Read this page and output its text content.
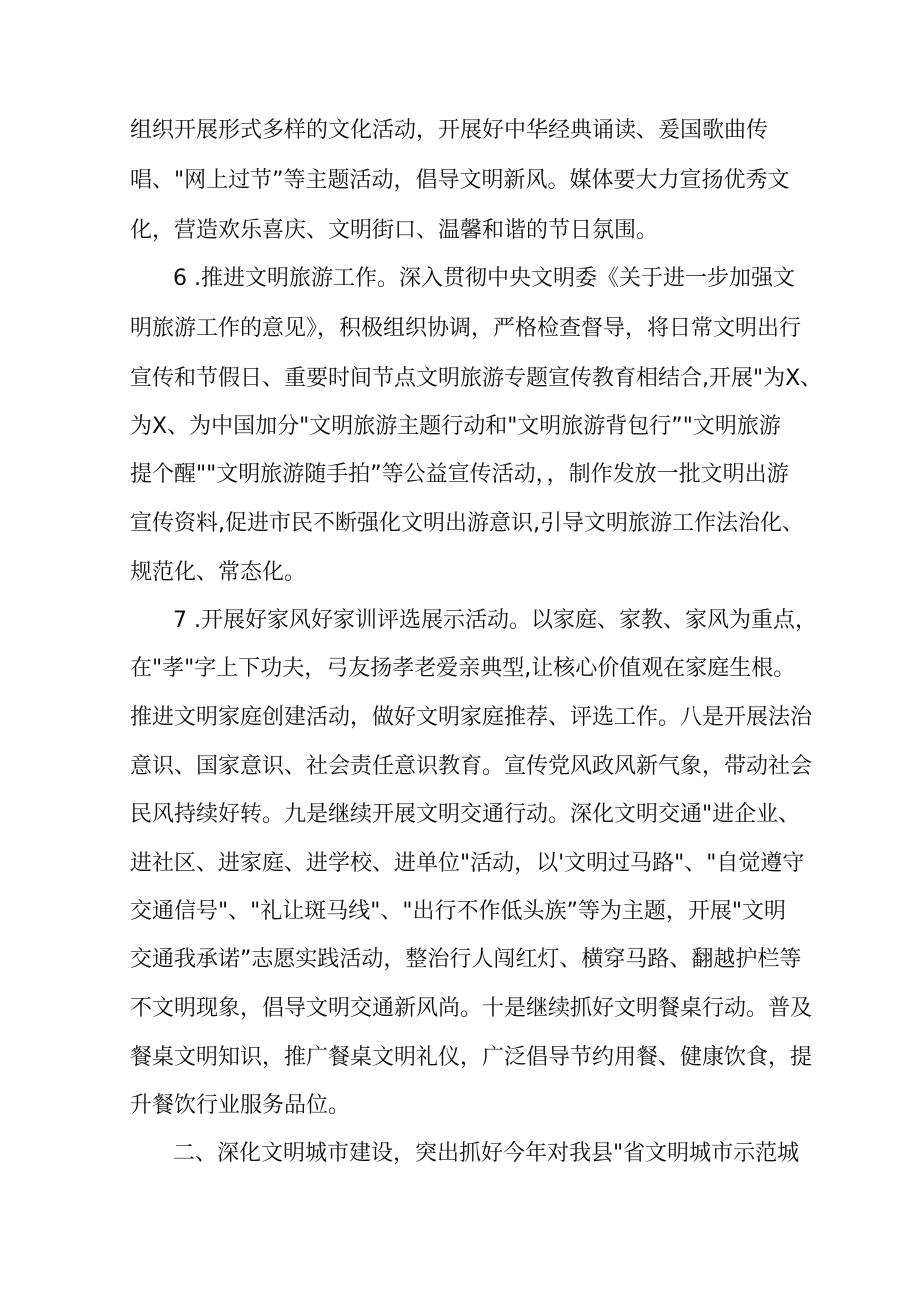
组织开展形式多样的文化活动，开展好中华经典诵读、爰国歌曲传
唱、"网上过节”等主题活动，倡导文明新风。媒体要大力宣扬优秀文
化，营造欢乐喜庆、文明街口、温馨和谐的节日氛围。
6 .推进文明旅游工作。深入贯彻中央文明委《关于进一步加强文
明旅游工作的意见》，积极组织协调，严格检查督导，将日常文明出行
宣传和节假日、重要时间节点文明旅游专题宣传教育相结合,开展"为X、
为X、为中国加分"文明旅游主题行动和"文明旅游背包行”"文明旅游
提个醒""文明旅游随手拍”等公益宣传活动，，制作发放一批文明出游
宣传资料,促进市民不断强化文明出游意识,引导文明旅游工作法治化、
规范化、常态化。
7 .开展好家风好家训评选展示活动。以家庭、家教、家风为重点，
在"孝"字上下功夫，弓友扬孝老爱亲典型,让核心价值观在家庭生根。
推进文明家庭创建活动，做好文明家庭推荐、评选工作。八是开展法治
意识、国家意识、社会责任意识教育。宣传党风政风新气象，带动社会
民风持续好转。九是继续开展文明交通行动。深化文明交通"进企业、
进社区、进家庭、进学校、进单位"活动，以'文明过马路"、"自觉遵守
交通信号"、"礼让斑马线"、"出行不作低头族”等为主题，开展"文明
交通我承诺”志愿实践活动，整治行人闯红灯、横穿马路、翻越护栏等
不文明现象，倡导文明交通新风尚。十是继续抓好文明餐桌行动。普及
餐桌文明知识，推广餐桌文明礼仪，广泛倡导节约用餐、健康饮食，提
升餐饮行业服务品位。
二、深化文明城市建设，突出抓好今年对我县"省文明城市示范城
